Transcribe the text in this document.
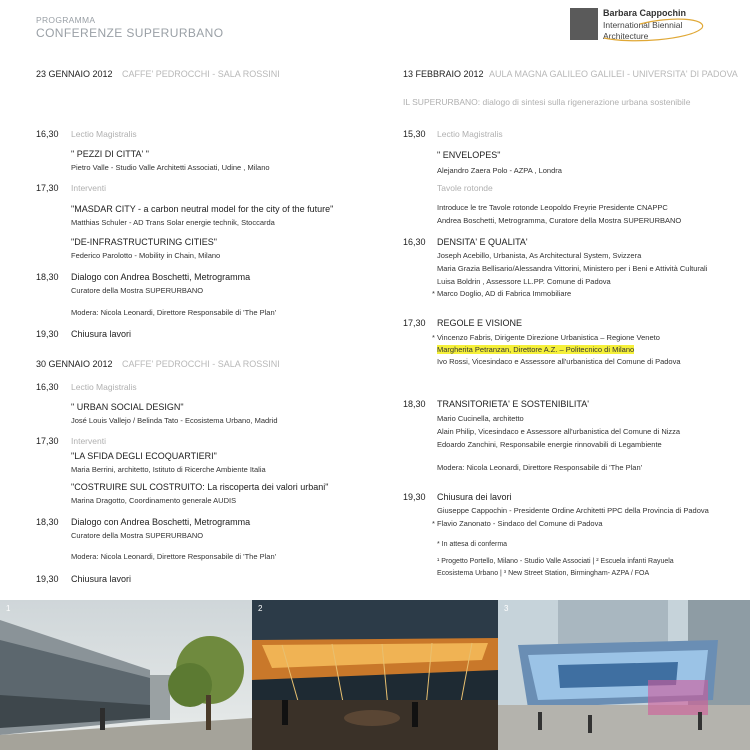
PROGRAMMA
CONFERENZE SUPERURBANO
Barbara Cappochin
International Biennial
Architecture
23 GENNAIO 2012 CAFFE' PEDROCCHI - SALA ROSSINI
16,30 Lectio Magistralis
" PEZZI DI CITTA' "
Pietro Valle - Studio Valle Architetti Associati, Udine , Milano
17,30 Interventi
"MASDAR CITY - a carbon neutral model for the city of the future"
Matthias Schuler - AD Trans Solar energie technik, Stoccarda
"DE-INFRASTRUCTURING CITIES"
Federico Parolotto - Mobility in Chain, Milano
18,30 Dialogo con Andrea Boschetti, Metrogramma
Curatore della Mostra SUPERURBANO
Modera: Nicola Leonardi, Direttore Responsabile di 'The Plan'
19,30 Chiusura lavori
30 GENNAIO 2012 CAFFE' PEDROCCHI - SALA ROSSINI
16,30 Lectio Magistralis
" URBAN SOCIAL DESIGN"
José Louis Vallejo / Belinda Tato - Ecosistema Urbano, Madrid
17,30 Interventi
"LA SFIDA DEGLI ECOQUARTIERI"
Maria Berrini, architetto, Istituto di Ricerche Ambiente Italia
"COSTRUIRE SUL COSTRUITO: La riscoperta dei valori urbani"
Marina Dragotto, Coordinamento generale AUDIS
18,30 Dialogo con Andrea Boschetti, Metrogramma
Curatore della Mostra SUPERURBANO
Modera: Nicola Leonardi, Direttore Responsabile di 'The Plan'
19,30 Chiusura lavori
13 FEBBRAIO 2012 AULA MAGNA GALILEO GALILEI - UNIVERSITA' DI PADOVA
IL SUPERURBANO: dialogo di sintesi sulla rigenerazione urbana sostenibile
15,30 Lectio Magistralis
" ENVELOPES"
Alejandro Zaera Polo - AZPA , Londra
Tavole rotonde
Introduce le tre Tavole rotonde Leopoldo Freyrie Presidente CNAPPC
Andrea Boschetti, Metrogramma, Curatore della Mostra SUPERURBANO
16,30 DENSITA' E QUALITA'
Joseph Acebillo, Urbanista, As Architectural System, Svizzera
Maria Grazia Bellisario/Alessandra Vittorini, Ministero per i Beni e Attività Culturali
Luisa Boldrin , Assessore LL.PP. Comune di Padova
* Marco Doglio, AD di Fabrica Immobiliare
17,30 REGOLE E VISIONE
* Vincenzo Fabris, Dirigente Direzione Urbanistica – Regione Veneto
Margherita Petranzan, Direttore A.Z. – Politecnico di Milano
Ivo Rossi, Vicesindaco e Assessore all'urbanistica del Comune di Padova
18,30 TRANSITORIETA' E SOSTENIBILITA'
Mario Cucinella, architetto
Alain Philip, Vicesindaco e Assessore all'urbanistica del Comune di Nizza
Edoardo Zanchini, Responsabile energie rinnovabili di Legambiente
Modera: Nicola Leonardi, Direttore Responsabile di 'The Plan'
19,30 Chiusura dei lavori
Giuseppe Cappochin - Presidente Ordine Architetti PPC della Provincia di Padova
* Flavio Zanonato - Sindaco del Comune di Padova
* In attesa di conferma
¹ Progetto Portello, Milano - Studio Valle Associati | ² Escuela infanti Rayuela
Ecosistema Urbano | ³ New Street Station, Birmingham- AZPA / FOA
1	2	3
